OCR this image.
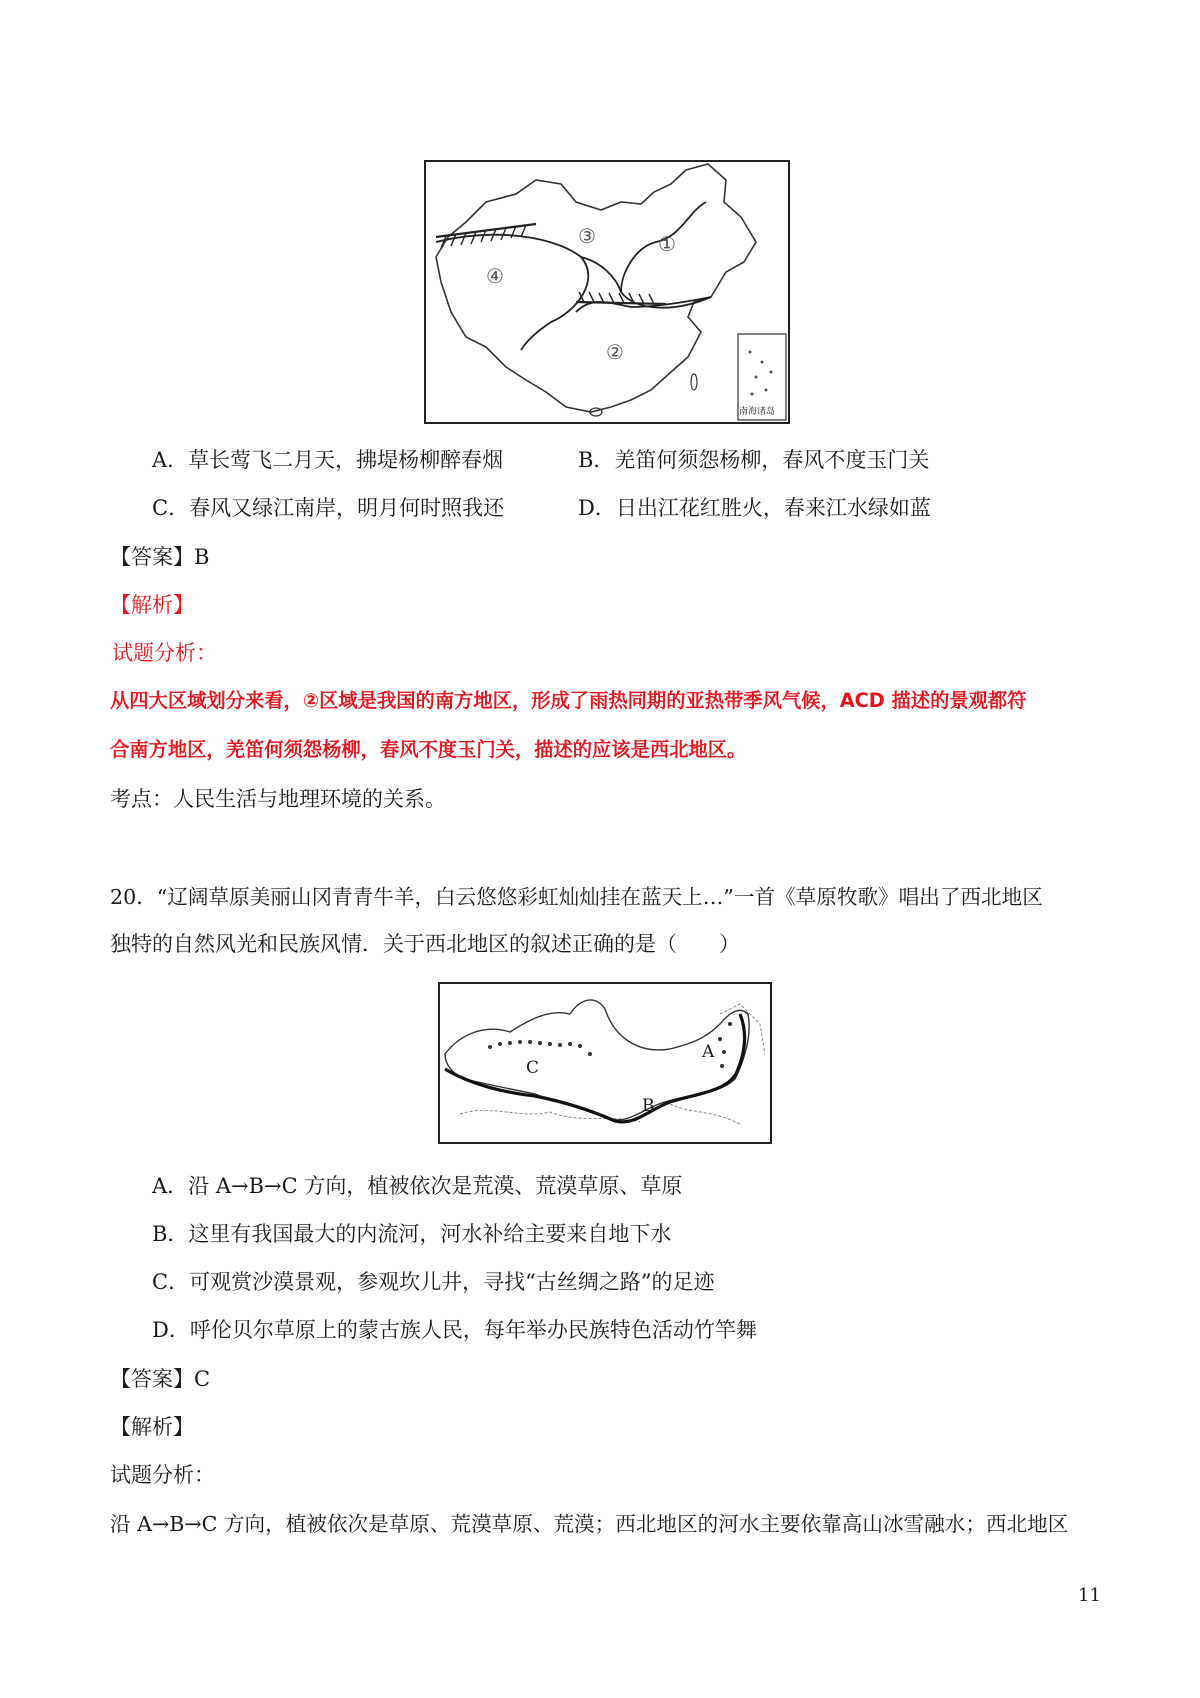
①
②
③
④
南海诸岛
A．草长莺飞二月天，拂堤杨柳醉春烟	B．羌笛何须怨杨柳，春风不度玉门关
C．春风又绿江南岸，明月何时照我还	D．日出江花红胜火，春来江水绿如蓝
【答案】B
【解析】
试题分析：
从四大区域划分来看，②区域是我国的南方地区，形成了雨热同期的亚热带季风气候，ACD 描述的景观都符
合南方地区，羌笛何须怨杨柳，春风不度玉门关，描述的应该是西北地区。
考点：人民生活与地理环境的关系。
20．“辽阔草原美丽山冈青青牛羊，白云悠悠彩虹灿灿挂在蓝天上…”一首《草原牧歌》唱出了西北地区
独特的自然风光和民族风情．关于西北地区的叙述正确的是（　　）
A
B
C
A．沿 A→B→C 方向，植被依次是荒漠、荒漠草原、草原
B．这里有我国最大的内流河，河水补给主要来自地下水
C．可观赏沙漠景观，参观坎儿井，寻找“古丝绸之路”的足迹
D．呼伦贝尔草原上的蒙古族人民，每年举办民族特色活动竹竿舞
【答案】C
【解析】
试题分析：
沿 A→B→C 方向，植被依次是草原、荒漠草原、荒漠；西北地区的河水主要依靠高山冰雪融水；西北地区
11
